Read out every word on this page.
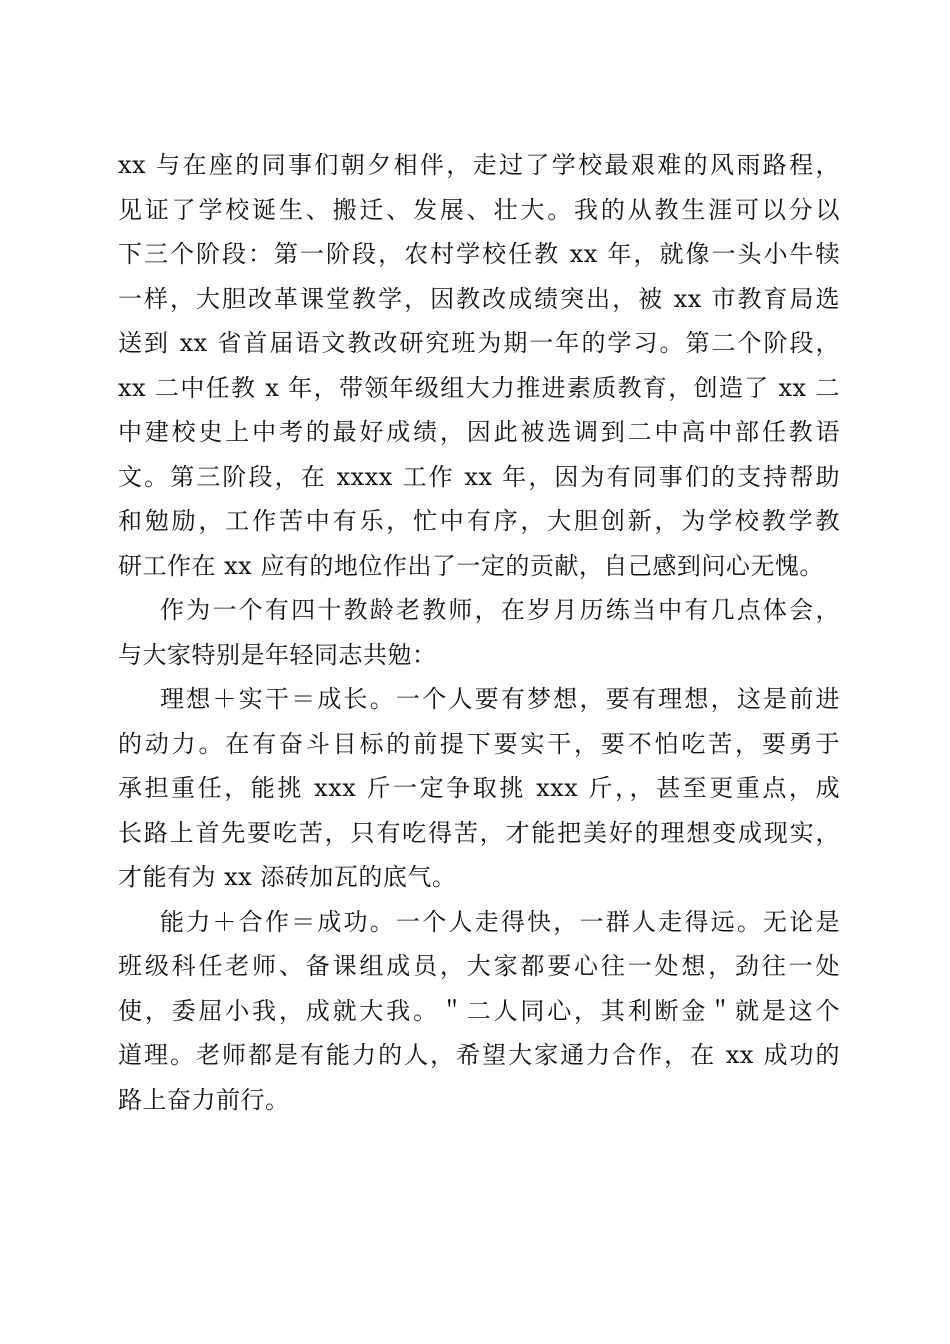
xx 与在座的同事们朝夕相伴，走过了学校最艰难的风雨路程，
见证了学校诞生、搬迁、发展、壮大。我的从教生涯可以分以
下三个阶段：第一阶段，农村学校任教 xx 年，就像一头小牛犊
一样，大胆改革课堂教学，因教改成绩突出，被 xx 市教育局选
送到 xx 省首届语文教改研究班为期一年的学习。第二个阶段，
xx 二中任教 x 年，带领年级组大力推进素质教育，创造了 xx 二
中建校史上中考的最好成绩，因此被选调到二中高中部任教语
文。第三阶段，在 xxxx 工作 xx 年，因为有同事们的支持帮助
和勉励，工作苦中有乐，忙中有序，大胆创新，为学校教学教
研工作在 xx 应有的地位作出了一定的贡献，自己感到问心无愧。
作为一个有四十教龄老教师，在岁月历练当中有几点体会，
与大家特别是年轻同志共勉：
理想＋实干＝成长。一个人要有梦想，要有理想，这是前进
的动力。在有奋斗目标的前提下要实干，要不怕吃苦，要勇于
承担重任，能挑 xxx 斤一定争取挑 xxx 斤，，甚至更重点，成
长路上首先要吃苦，只有吃得苦，才能把美好的理想变成现实，
才能有为 xx 添砖加瓦的底气。
能力＋合作＝成功。一个人走得快，一群人走得远。无论是
班级科任老师、备课组成员，大家都要心往一处想，劲往一处
使，委屈小我，成就大我。＂二人同心，其利断金＂就是这个
道理。老师都是有能力的人，希望大家通力合作，在 xx 成功的
路上奋力前行。
